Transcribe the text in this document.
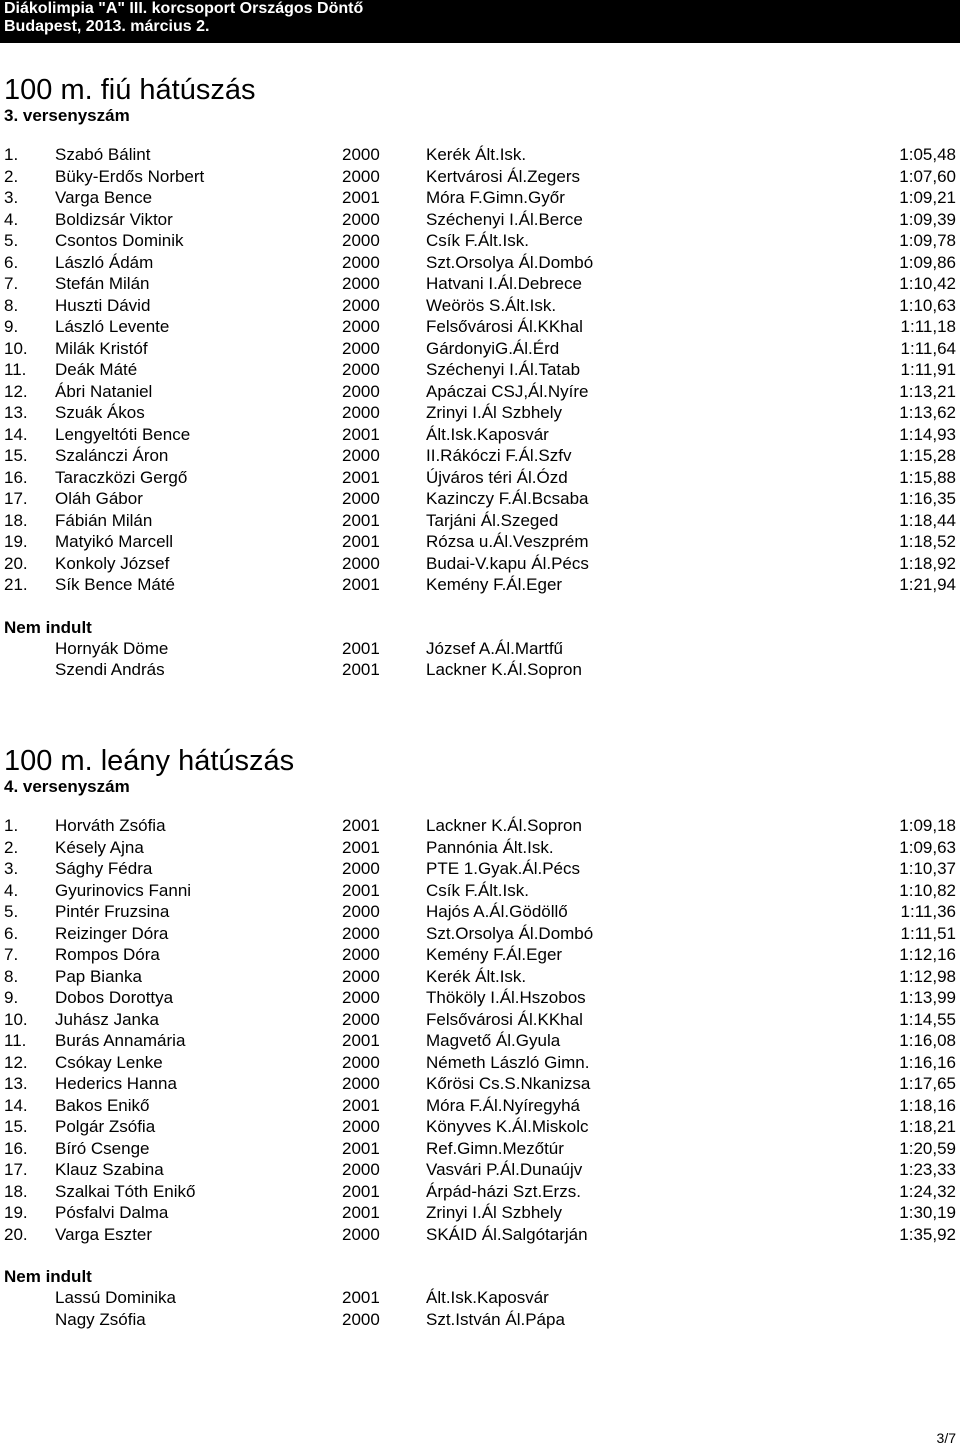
Diákolimpia "A" III. korcsoport Országos Döntő
Budapest, 2013. március 2.
100 m. fiú hátúszás
3. versenyszám
1. Szabó Bálint	2000	Kerék Ált.Isk.	1:05,48
2. Büky-Erdős Norbert	2000	Kertvárosi Ál.Zegers	1:07,60
3. Varga Bence	2001	Móra F.Gimn.Győr	1:09,21
4. Boldizsár Viktor	2000	Széchenyi I.Ál.Berce	1:09,39
5. Csontos Dominik	2000	Csík F.Ált.Isk.	1:09,78
6. László Ádám	2000	Szt.Orsolya Ál.Dombó	1:09,86
7. Stefán Milán	2000	Hatvani I.Ál.Debrece	1:10,42
8. Huszti Dávid	2000	Weörös S.Ált.Isk.	1:10,63
9. László Levente	2000	Felsővárosi Ál.KKhal	1:11,18
10. Milák Kristóf	2000	GárdonyiG.Ál.Érd	1:11,64
11. Deák Máté	2000	Széchenyi I.Ál.Tatab	1:11,91
12. Ábri Nataniel	2000	Apáczai CSJ,Ál.Nyíre	1:13,21
13. Szuák Ákos	2000	Zrinyi I.Ál Szbhely	1:13,62
14. Lengyeltóti Bence	2001	Ált.Isk.Kaposvár	1:14,93
15. Szalánczi Áron	2000	II.Rákóczi F.Ál.Szfv	1:15,28
16. Taraczközi Gergő	2001	Újváros téri Ál.Ózd	1:15,88
17. Oláh Gábor	2000	Kazinczy F.Ál.Bcsaba	1:16,35
18. Fábián Milán	2001	Tarjáni Ál.Szeged	1:18,44
19. Matyikó Marcell	2001	Rózsa u.Ál.Veszprém	1:18,52
20. Konkoly József	2000	Budai-V.kapu Ál.Pécs	1:18,92
21. Sík Bence Máté	2001	Kemény F.Ál.Eger	1:21,94
Nem indult
Hornyák Döme	2001	József A.Ál.Martfű
Szendi András	2001	Lackner K.Ál.Sopron
100 m. leány hátúszás
4. versenyszám
1. Horváth Zsófia	2001	Lackner K.Ál.Sopron	1:09,18
2. Késely Ajna	2001	Pannónia Ált.Isk.	1:09,63
3. Sághy Fédra	2000	PTE 1.Gyak.Ál.Pécs	1:10,37
4. Gyurinovics Fanni	2001	Csík F.Ált.Isk.	1:10,82
5. Pintér Fruzsina	2000	Hajós A.Ál.Gödöllő	1:11,36
6. Reizinger Dóra	2000	Szt.Orsolya Ál.Dombó	1:11,51
7. Rompos Dóra	2000	Kemény F.Ál.Eger	1:12,16
8. Pap Bianka	2000	Kerék Ált.Isk.	1:12,98
9. Dobos Dorottya	2000	Thököly I.Ál.Hszobos	1:13,99
10. Juhász Janka	2000	Felsővárosi Ál.KKhal	1:14,55
11. Burás Annamária	2001	Magvető Ál.Gyula	1:16,08
12. Csókay Lenke	2000	Németh László Gimn.	1:16,16
13. Hederics Hanna	2000	Kőrösi Cs.S.Nkanizsa	1:17,65
14. Bakos Enikő	2001	Móra F.Ál.Nyíregyhá	1:18,16
15. Polgár Zsófia	2000	Könyves K.Ál.Miskolc	1:18,21
16. Bíró Csenge	2001	Ref.Gimn.Mezőtúr	1:20,59
17. Klauz Szabina	2000	Vasvári P.Ál.Dunaújv	1:23,33
18. Szalkai Tóth Enikő	2001	Árpád-házi Szt.Erzs.	1:24,32
19. Pósfalvi Dalma	2001	Zrinyi I.Ál Szbhely	1:30,19
20. Varga Eszter	2000	SKÁID Ál.Salgótarján	1:35,92
Nem indult
Lassú Dominika	2001	Ált.Isk.Kaposvár
Nagy Zsófia	2000	Szt.István Ál.Pápa
3/7
